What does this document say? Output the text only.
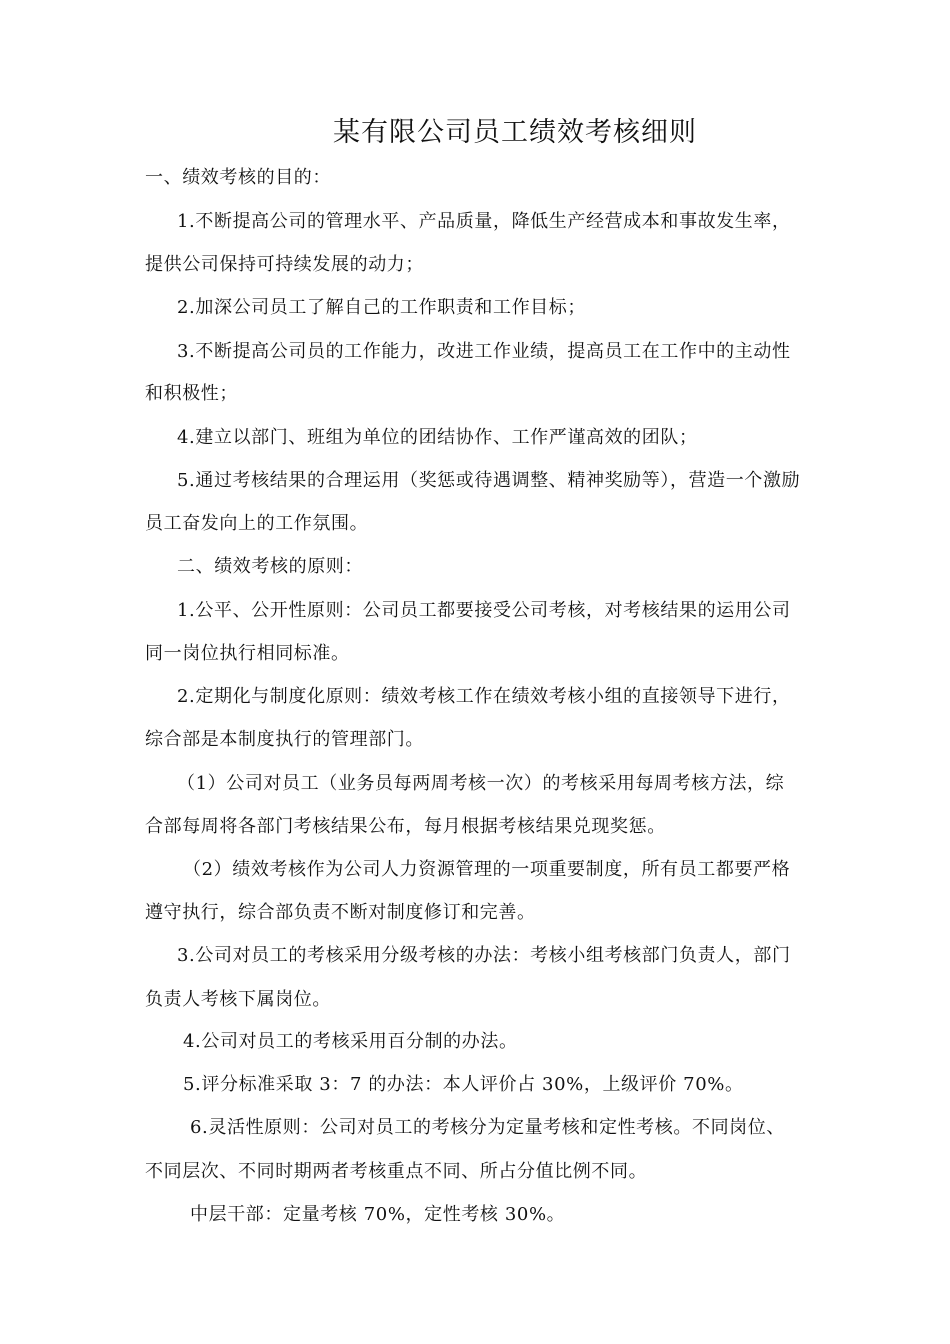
某有限公司员工绩效考核细则
一、绩效考核的目的：
1.不断提高公司的管理水平、产品质量，降低生产经营成本和事故发生率，
提供公司保持可持续发展的动力；
2.加深公司员工了解自己的工作职责和工作目标；
3.不断提高公司员的工作能力，改进工作业绩，提高员工在工作中的主动性
和积极性；
4.建立以部门、班组为单位的团结协作、工作严谨高效的团队；
5.通过考核结果的合理运用（奖惩或待遇调整、精神奖励等），营造一个激励
员工奋发向上的工作氛围。
二、绩效考核的原则：
1.公平、公开性原则：公司员工都要接受公司考核，对考核结果的运用公司
同一岗位执行相同标准。
2.定期化与制度化原则：绩效考核工作在绩效考核小组的直接领导下进行，
综合部是本制度执行的管理部门。
（1）公司对员工（业务员每两周考核一次）的考核采用每周考核方法，综
合部每周将各部门考核结果公布，每月根据考核结果兑现奖惩。
（2）绩效考核作为公司人力资源管理的一项重要制度，所有员工都要严格
遵守执行，综合部负责不断对制度修订和完善。
3.公司对员工的考核采用分级考核的办法：考核小组考核部门负责人，部门
负责人考核下属岗位。
4.公司对员工的考核采用百分制的办法。
5.评分标准采取 3：7 的办法：本人评价占 30%，上级评价 70%。
6.灵活性原则：公司对员工的考核分为定量考核和定性考核。不同岗位、
不同层次、不同时期两者考核重点不同、所占分值比例不同。
中层干部：定量考核 70%，定性考核 30%。
